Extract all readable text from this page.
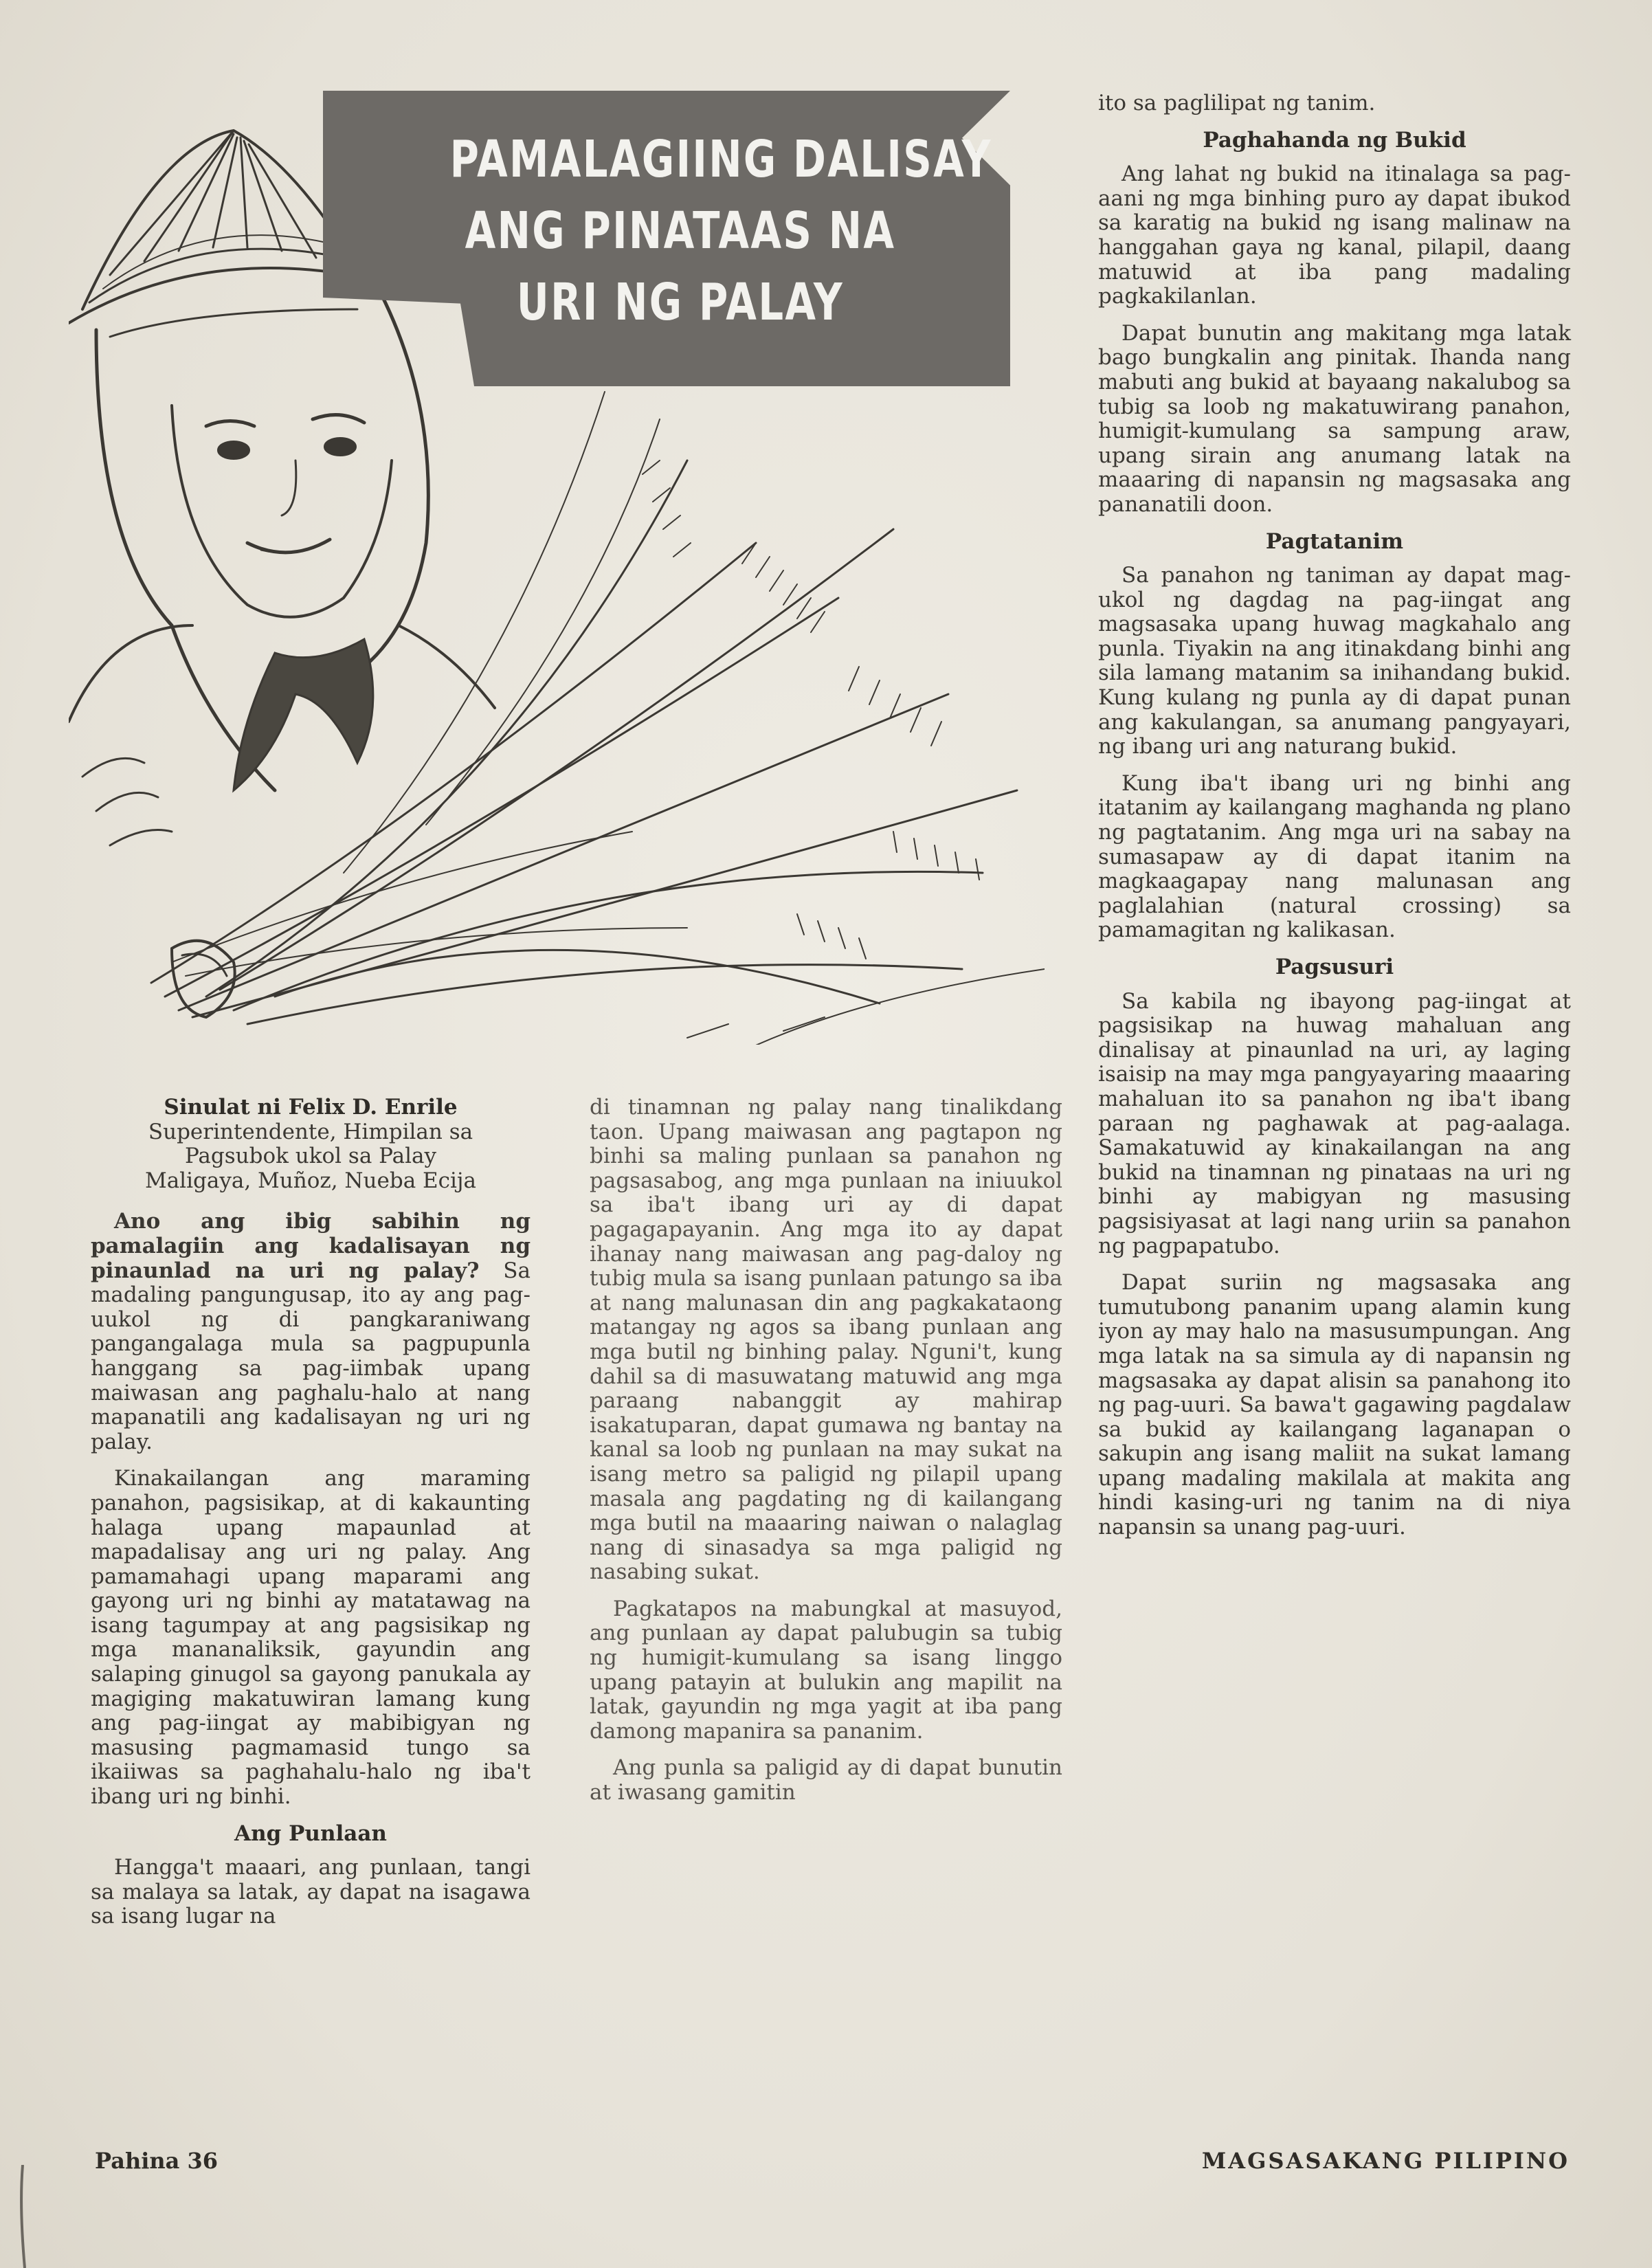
PAMALAGIING DALISAY
ANG PINATAAS NA
URI NG PALAY
Sinulat ni Felix D. Enrile
Superintendente, Himpilan sa
Pagsubok ukol sa Palay
Maligaya, Muñoz, Nueba Ecija

Ano ang ibig sabihin ng pamalagiin ang kadalisayan ng pinaunlad na uri ng palay? Sa madaling pangungusap, ito ay ang pag-uukol ng di pangkaraniwang pangangalaga mula sa pagpupunla hanggang sa pag-iimbak upang maiwasan ang paghalu-halo at nang mapanatili ang kadalisayan ng uri ng palay.

Kinakailangan ang maraming panahon, pagsisikap, at di kakaunting halaga upang mapaunlad at mapadalisay ang uri ng palay. Ang pamamahagi upang maparami ang gayong uri ng binhi ay matatawag na isang tagumpay at ang pagsisikap ng mga mananaliksik, gayundin ang salaping ginugol sa gayong panukala ay magiging makatuwiran lamang kung ang pag-iingat ay mabibigyan ng masusing pagmamasid tungo sa ikaiiwas sa paghahalu-halo ng iba't ibang uri ng binhi.

Ang Punlaan

Hangga't maaari, ang punlaan, tangi sa malaya sa latak, ay dapat na isagawa sa isang lugar na

di tinamnan ng palay nang tinalikdang taon. Upang maiwasan ang pagtapon ng binhi sa maling punlaan sa panahon ng pagsasabog, ang mga punlaan na iniuukol sa iba't ibang uri ay di dapat pagagapayanin. Ang mga ito ay dapat ihanay nang maiwasan ang pag-daloy ng tubig mula sa isang punlaan patungo sa iba at nang malunasan din ang pagkakataong matangay ng agos sa ibang punlaan ang mga butil ng binhing palay. Nguni't, kung dahil sa di masuwatang matuwid ang mga paraang nabanggit ay mahirap isakatuparan, dapat gumawa ng bantay na kanal sa loob ng punlaan na may sukat na isang metro sa paligid ng pilapil upang masala ang pagdating ng di kailangang mga butil na maaaring naiwan o nalaglag nang di sinasadya sa mga paligid ng nasabing sukat.

Pagkatapos na mabungkal at masuyod, ang punlaan ay dapat palubugin sa tubig ng humigit-kumulang sa isang linggo upang patayin at bulukin ang mapilit na latak, gayundin ng mga yagit at iba pang damong mapanira sa pananim.

Ang punla sa paligid ay di dapat bunutin at iwasang gamitin

ito sa paglilipat ng tanim.

Paghahanda ng Bukid

Ang lahat ng bukid na itinalaga sa pag-aani ng mga binhing puro ay dapat ibukod sa karatig na bukid ng isang malinaw na hanggahan gaya ng kanal, pilapil, daang matuwid at iba pang madaling pagkakilanlan.

Dapat bunutin ang makitang mga latak bago bungkalin ang pinitak. Ihanda nang mabuti ang bukid at bayaang nakalubog sa tubig sa loob ng makatuwirang panahon, humigit-kumulang sa sampung araw, upang sirain ang anumang latak na maaaring di napansin ng magsasaka ang pananatili doon.

Pagtatanim

Sa panahon ng taniman ay dapat mag-ukol ng dagdag na pag-iingat ang magsasaka upang huwag magkahalo ang punla. Tiyakin na ang itinakdang binhi ang sila lamang matanim sa inihandang bukid. Kung kulang ng punla ay di dapat punan ang kakulangan, sa anumang pangyayari, ng ibang uri ang naturang bukid.

Kung iba't ibang uri ng binhi ang itatanim ay kailangang maghanda ng plano ng pagtatanim. Ang mga uri na sabay na sumasapaw ay di dapat itanim na magkaagapay nang malunasan ang paglalahian (natural crossing) sa pamamagitan ng kalikasan.

Pagsusuri

Sa kabila ng ibayong pag-iingat at pagsisikap na huwag mahaluan ang dinalisay at pinaunlad na uri, ay laging isaisip na may mga pangyayaring maaaring mahaluan ito sa panahon ng iba't ibang paraan ng paghawak at pag-aalaga. Samakatuwid ay kinakailangan na ang bukid na tinamnan ng pinataas na uri ng binhi ay mabigyan ng masusing pagsisiyasat at lagi nang uriin sa panahon ng pagpapatubo.

Dapat suriin ng magsasaka ang tumutubong pananim upang alamin kung iyon ay may halo na masusumpungan. Ang mga latak na sa simula ay di napansin ng magsasaka ay dapat alisin sa panahong ito ng pag-uuri. Sa bawa't gagawing pagdalaw sa bukid ay kailangang laganapan o sakupin ang isang maliit na sukat lamang upang madaling makilala at makita ang hindi kasing-uri ng tanim na di niya napansin sa unang pag-uuri.

Pahina 36	MAGSASAKANG PILIPINO
